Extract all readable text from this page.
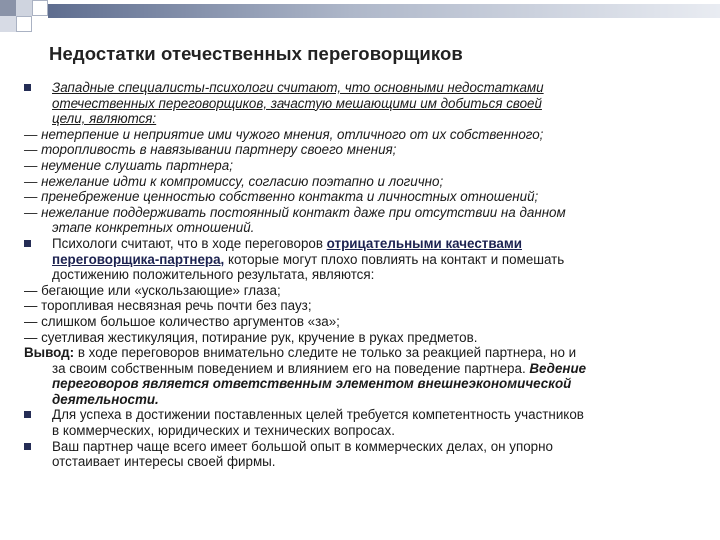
Недостатки отечественных переговорщиков
Западные специалисты-психологи считают, что основными недостатками
отечественных переговорщиков, зачастую мешающими им добиться своей
цели, являются:
— нетерпение и неприятие ими чужого мнения, отличного от их собственного;
— торопливость в навязывании партнеру своего мнения;
— неумение слушать партнера;
— нежелание идти к компромиссу, согласию поэтапно и логично;
— пренебрежение ценностью собственно контакта и личностных отношений;
— нежелание поддерживать постоянный контакт даже при отсутствии на данном
этапе конкретных отношений.
Психологи считают, что в ходе переговоров отрицательными качествами
переговорщика-партнера, которые могут плохо повлиять на контакт и помешать
достижению положительного результата, являются:
— бегающие или «ускользающие» глаза;
— торопливая несвязная речь почти без пауз;
— слишком большое количество аргументов «за»;
— суетливая жестикуляция, потирание рук, кручение в руках предметов.
Вывод: в ходе переговоров внимательно следите не только за реакцией партнера, но и
за своим собственным поведением и влиянием его на поведение партнера. Ведение
переговоров является ответственным элементом внешнеэкономической
деятельности.
Для успеха в достижении поставленных целей требуется компетентность участников
в коммерческих, юридических и технических вопросах.
Ваш партнер чаще всего имеет большой опыт в коммерческих делах, он упорно
отстаивает интересы своей фирмы.
